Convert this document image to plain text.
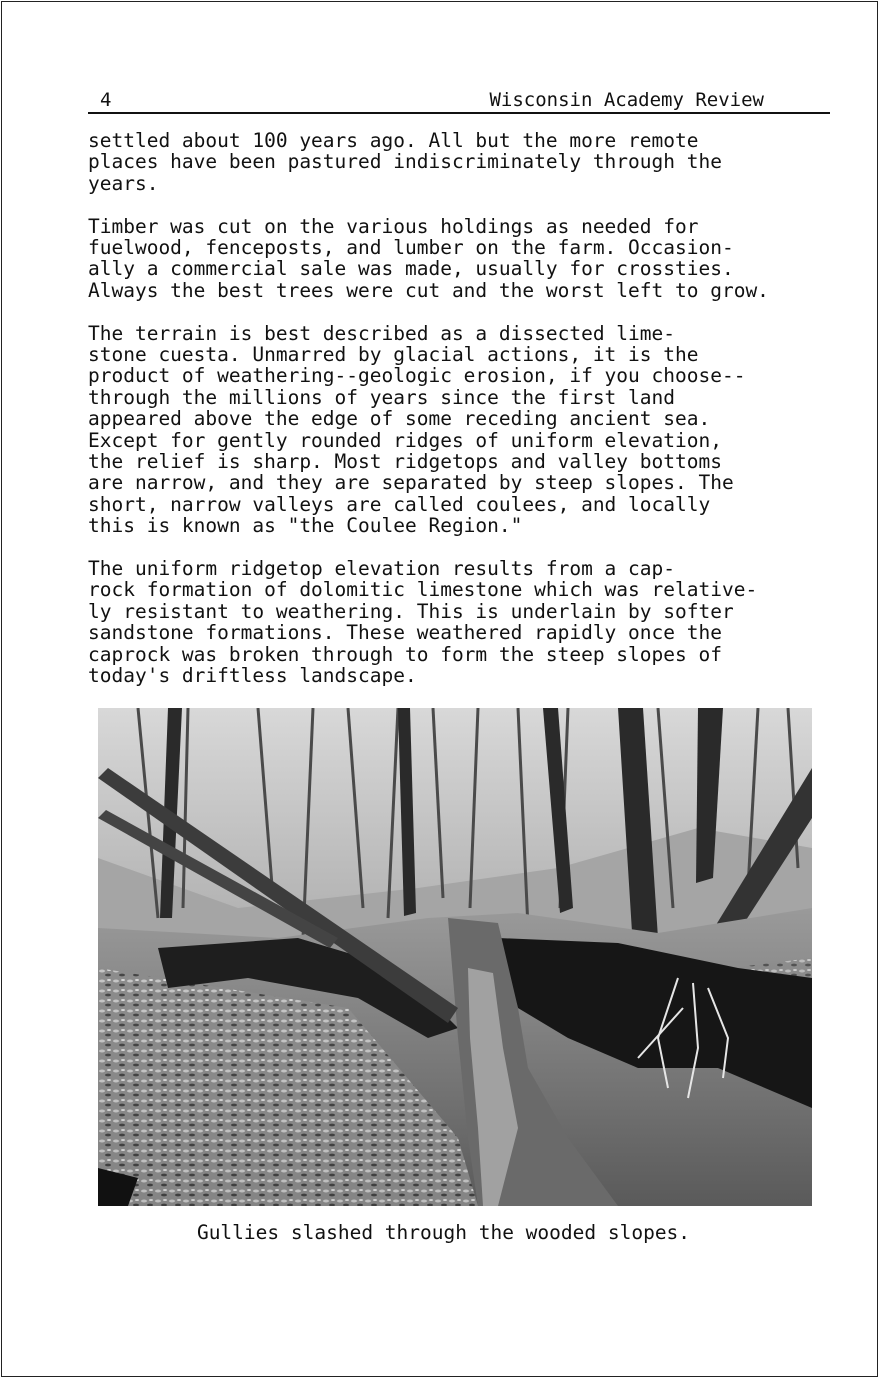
4	Wisconsin Academy Review

settled about 100 years ago. All but the more remote
places have been pastured indiscriminately through the
years.

Timber was cut on the various holdings as needed for
fuelwood, fenceposts, and lumber on the farm. Occasion-
ally a commercial sale was made, usually for crossties.
Always the best trees were cut and the worst left to grow.

The terrain is best described as a dissected lime-
stone cuesta. Unmarred by glacial actions, it is the
product of weathering--geologic erosion, if you choose--
through the millions of years since the first land
appeared above the edge of some receding ancient sea.
Except for gently rounded ridges of uniform elevation,
the relief is sharp. Most ridgetops and valley bottoms
are narrow, and they are separated by steep slopes. The
short, narrow valleys are called coulees, and locally
this is known as "the Coulee Region."

The uniform ridgetop elevation results from a cap-
rock formation of dolomitic limestone which was relative-
ly resistant to weathering. This is underlain by softer
sandstone formations. These weathered rapidly once the
caprock was broken through to form the steep slopes of
today's driftless landscape.

Gullies slashed through the wooded slopes.
